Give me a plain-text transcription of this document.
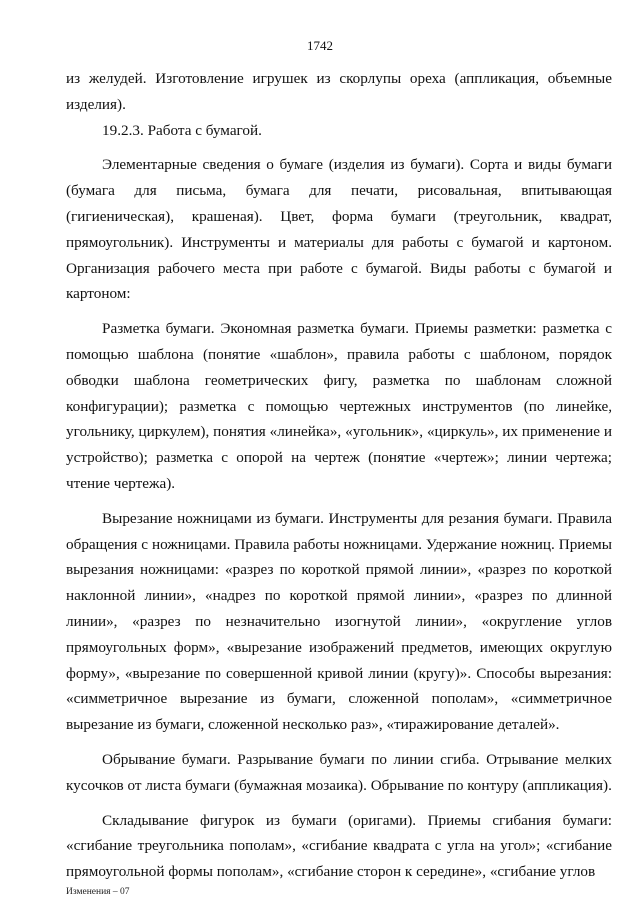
1742

из желудей. Изготовление игрушек из скорлупы ореха (аппликация, объемные изделия).

19.2.3. Работа с бумагой.

Элементарные сведения о бумаге (изделия из бумаги). Сорта и виды бумаги (бумага для письма, бумага для печати, рисовальная, впитывающая (гигиеническая), крашеная). Цвет, форма бумаги (треугольник, квадрат, прямоугольник). Инструменты и материалы для работы с бумагой и картоном. Организация рабочего места при работе с бумагой. Виды работы с бумагой и картоном:

Разметка бумаги. Экономная разметка бумаги. Приемы разметки: разметка с помощью шаблона (понятие «шаблон», правила работы с шаблоном, порядок обводки шаблона геометрических фигу, разметка по шаблонам сложной конфигурации); разметка с помощью чертежных инструментов (по линейке, угольнику, циркулем), понятия «линейка», «угольник», «циркуль», их применение и устройство); разметка с опорой на чертеж (понятие «чертеж»; линии чертежа; чтение чертежа).

Вырезание ножницами из бумаги. Инструменты для резания бумаги. Правила обращения с ножницами. Правила работы ножницами. Удержание ножниц. Приемы вырезания ножницами: «разрез по короткой прямой линии», «разрез по короткой наклонной линии», «надрез по короткой прямой линии», «разрез по длинной линии», «разрез по незначительно изогнутой линии», «округление углов прямоугольных форм», «вырезание изображений предметов, имеющих округлую форму», «вырезание по совершенной кривой линии (кругу)». Способы вырезания: «симметричное вырезание из бумаги, сложенной пополам», «симметричное вырезание из бумаги, сложенной несколько раз», «тиражирование деталей».

Обрывание бумаги. Разрывание бумаги по линии сгиба. Отрывание мелких кусочков от листа бумаги (бумажная мозаика). Обрывание по контуру (аппликация).

Складывание фигурок из бумаги (оригами). Приемы сгибания бумаги: «сгибание треугольника пополам», «сгибание квадрата с угла на угол»; «сгибание прямоугольной формы пополам», «сгибание сторон к середине», «сгибание углов

Изменения – 07
